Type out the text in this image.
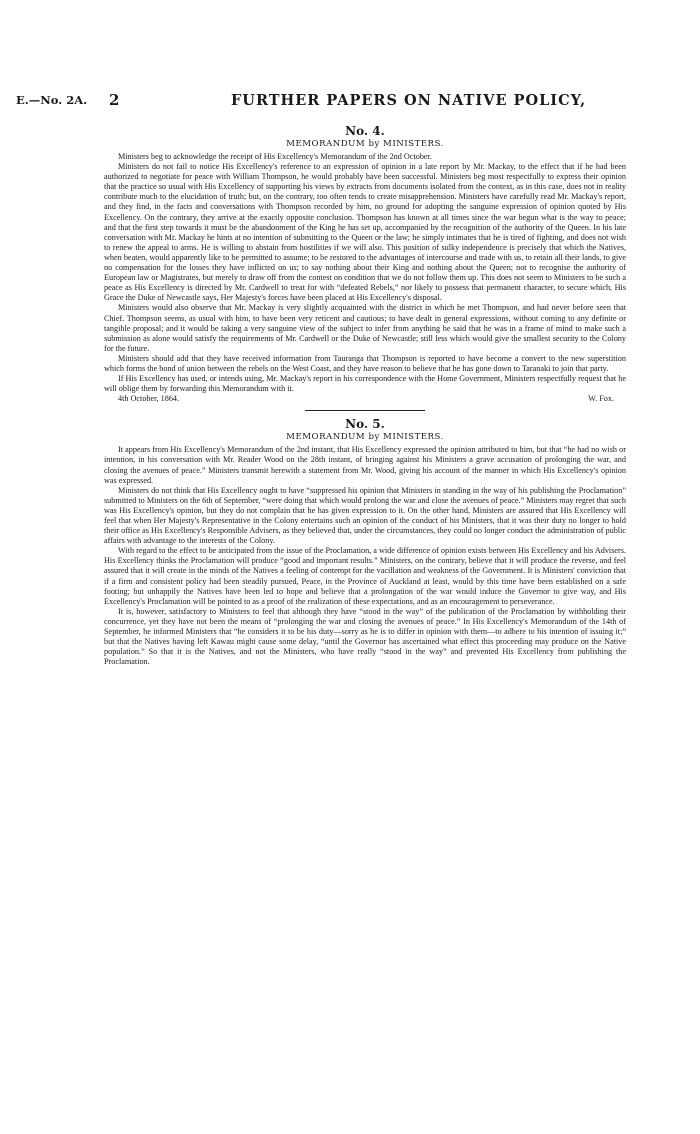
E.—No. 2A. 2	FURTHER PAPERS ON NATIVE POLICY,

No. 4.

MEMORANDUM by MINISTERS.

Ministers beg to acknowledge the receipt of His Excellency's Memorandum of the 2nd October.

Ministers do not fail to notice His Excellency's reference to an expression of opinion in a late report by Mr. Mackay, to the effect that if he had been authorized to negotiate for peace with William Thompson, he would probably have been successful. Ministers beg most respectfully to express their opinion that the practice so usual with His Excellency of supporting his views by extracts from documents isolated from the context, as in this case, does not in reality contribute much to the elucidation of truth; but, on the contrary, too often tends to create misapprehension. Ministers have carefully read Mr. Mackay's report, and they find, in the facts and conversations with Thompson recorded by him, no ground for adopting the sanguine expression of opinion quoted by His Excellency. On the contrary, they arrive at the exactly opposite conclusion. Thompson has known at all times since the war begun what is the way to peace; and that the first step towards it must be the abandonment of the King he has set up, accompanied by the recognition of the authority of the Queen. In his late conversation with Mr. Mackay he hints at no intention of submitting to the Queen or the law; he simply intimates that he is tired of fighting, and does not wish to renew the appeal to arms. He is willing to abstain from hostilities if we will also. This position of sulky independence is precisely that which the Natives, when beaten, would apparently like to be permitted to assume; to be restored to the advantages of intercourse and trade with us, to retain all their lands, to give no compensation for the losses they have inflicted on us; to say nothing about their King and nothing about the Queen; not to recognise the authority of European law or Magistrates, but merely to draw off from the contest on condition that we do not follow them up. This does not seem to Ministers to be such a peace as His Excellency is directed by Mr. Cardwell to treat for with “defeated Rebels,” nor likely to possess that permanent character, to secure which, His Grace the Duke of Newcastle says, Her Majesty's forces have been placed at His Excellency's disposal.

Ministers would also observe that Mr. Mackay is very slightly acquainted with the district in which he met Thompson, and had never before seen that Chief. Thompson seems, as usual with him, to have been very reticent and cautious; to have dealt in general expressions, without coming to any definite or tangible proposal; and it would be taking a very sanguine view of the subject to infer from anything he said that he was in a frame of mind to make such a submission as alone would satisfy the requirements of Mr. Cardwell or the Duke of Newcastle; still less which would give the smallest security to the Colony for the future.

Ministers should add that they have received information from Tauranga that Thompson is reported to have become a convert to the new superstition which forms the bond of union between the rebels on the West Coast, and they have reason to believe that he has gone down to Taranaki to join that party.

If His Excellency has used, or intends using, Mr. Mackay's report in his correspondence with the Home Government, Ministers respectfully request that he will oblige them by forwarding this Memorandum with it.

4th October, 1864.	W. Fox.

No. 5.

MEMORANDUM by MINISTERS.

It appears from His Excellency's Memorandum of the 2nd instant, that His Excellency expressed the opinion attributed to him, but that “he had no wish or intention, in his conversation with Mr. Reader Wood on the 28th instant, of bringing against his Ministers a grave accusation of prolonging the war, and closing the avenues of peace.” Ministers transmit herewith a statement from Mr. Wood, giving his account of the manner in which His Excellency's opinion was expressed.

Ministers do not think that His Excellency ought to have “suppressed his opinion that Ministers in standing in the way of his publishing the Proclamation” submitted to Ministers on the 6th of September, “were doing that which would prolong the war and close the avenues of peace.” Ministers may regret that such was His Excellency's opinion, but they do not complain that he has given expression to it. On the other hand, Ministers are assured that His Excellency will feel that when Her Majesty's Representative in the Colony entertains such an opinion of the conduct of his Ministers, that it was their duty no longer to hold their office as His Excellency's Responsible Advisers, as they believed that, under the circumstances, they could no longer conduct the administration of public affairs with advantage to the interests of the Colony.

With regard to the effect to be anticipated from the issue of the Proclamation, a wide difference of opinion exists between His Excellency and his Advisers. His Excellency thinks the Proclamation will produce “good and important results.” Ministers, on the contrary, believe that it will produce the reverse, and feel assured that it will create in the minds of the Natives a feeling of contempt for the vacillation and weakness of the Government. It is Ministers' conviction that if a firm and consistent policy had been steadily pursued, Peace, in the Province of Auckland at least, would by this time have been established on a safe footing; but unhappily the Natives have been led to hope and believe that a prolongation of the war would induce the Governor to give way, and His Excellency's Proclamation will be pointed to as a proof of the realization of these expectations, and as an encouragement to perseverance.

It is, however, satisfactory to Ministers to feel that although they have “stood in the way” of the publication of the Proclamation by withholding their concurrence, yet they have not been the means of “prolonging the war and closing the avenues of peace.” In His Excellency's Memorandum of the 14th of September, he informed Ministers that “he considers it to be his duty—sorry as he is to differ in opinion with them—to adhere to his intention of issuing it;” but that the Natives having left Kawau might cause some delay, “until the Governor has ascertained what effect this proceeding may produce on the Native population.” So that it is the Natives, and not the Ministers, who have really “stood in the way” and prevented His Excellency from publishing the Proclamation.
